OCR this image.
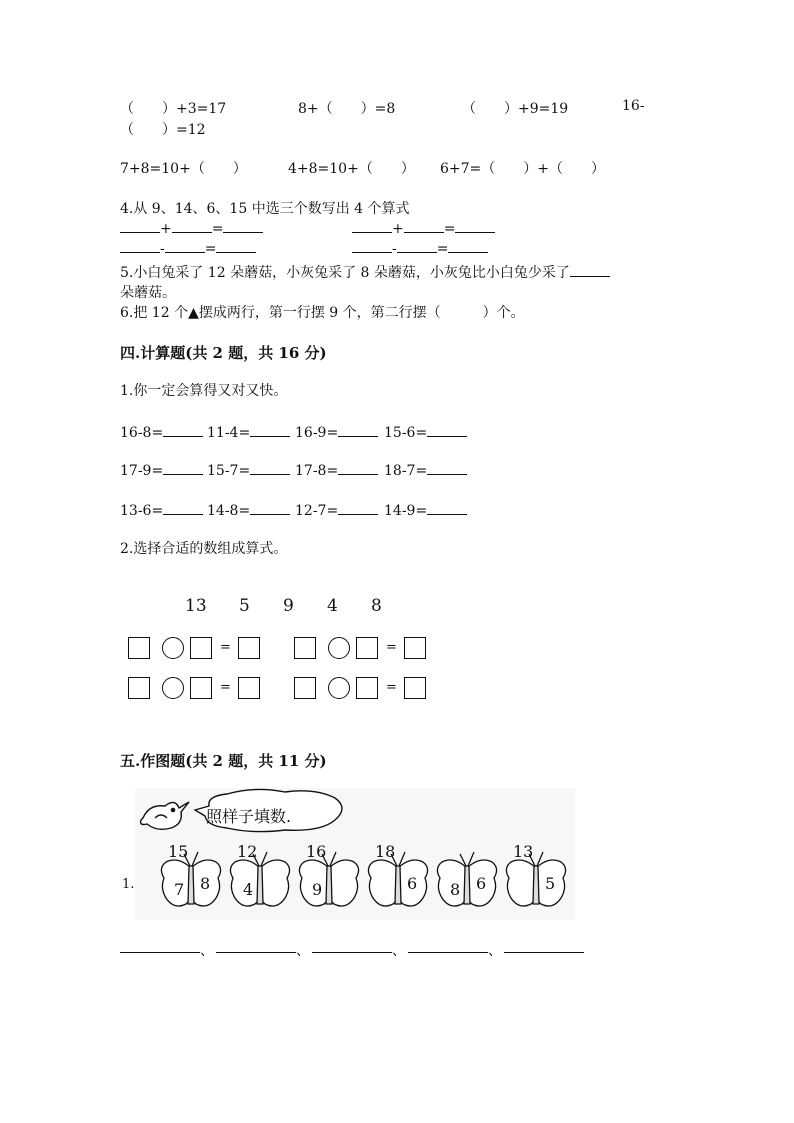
（　　）+3=17	8+（　　）=8	（　　）+9=19	16-
（　　）=12
7+8=10+（　　）	4+8=10+（　　） 6+7=（　　）+（　　）
4.从 9、14、6、15 中选三个数写出 4 个算式
+	=	+	=
-	=	-	=
5.小白兔采了 12 朵蘑菇，小灰兔采了 8 朵蘑菇，小灰兔比小白兔少采了
朵蘑菇。
6.把 12 个▲摆成两行，第一行摆 9 个，第二行摆（　　　）个。
四.计算题(共 2 题，共 16 分)
1.你一定会算得又对又快。
16-8=	11-4=	16-9=	15-6=
17-9=	15-7=	17-8=	18-7=
13-6=	14-8=	12-7=	14-9=
2.选择合适的数组成算式。
13 5 9 4 8
=	=
=	=
五.作图题(共 2 题，共 11 分)
照样子填数.
1.
15
7 8
12
4
16
9
18
6 8 6
13
5
、	、	、	、
